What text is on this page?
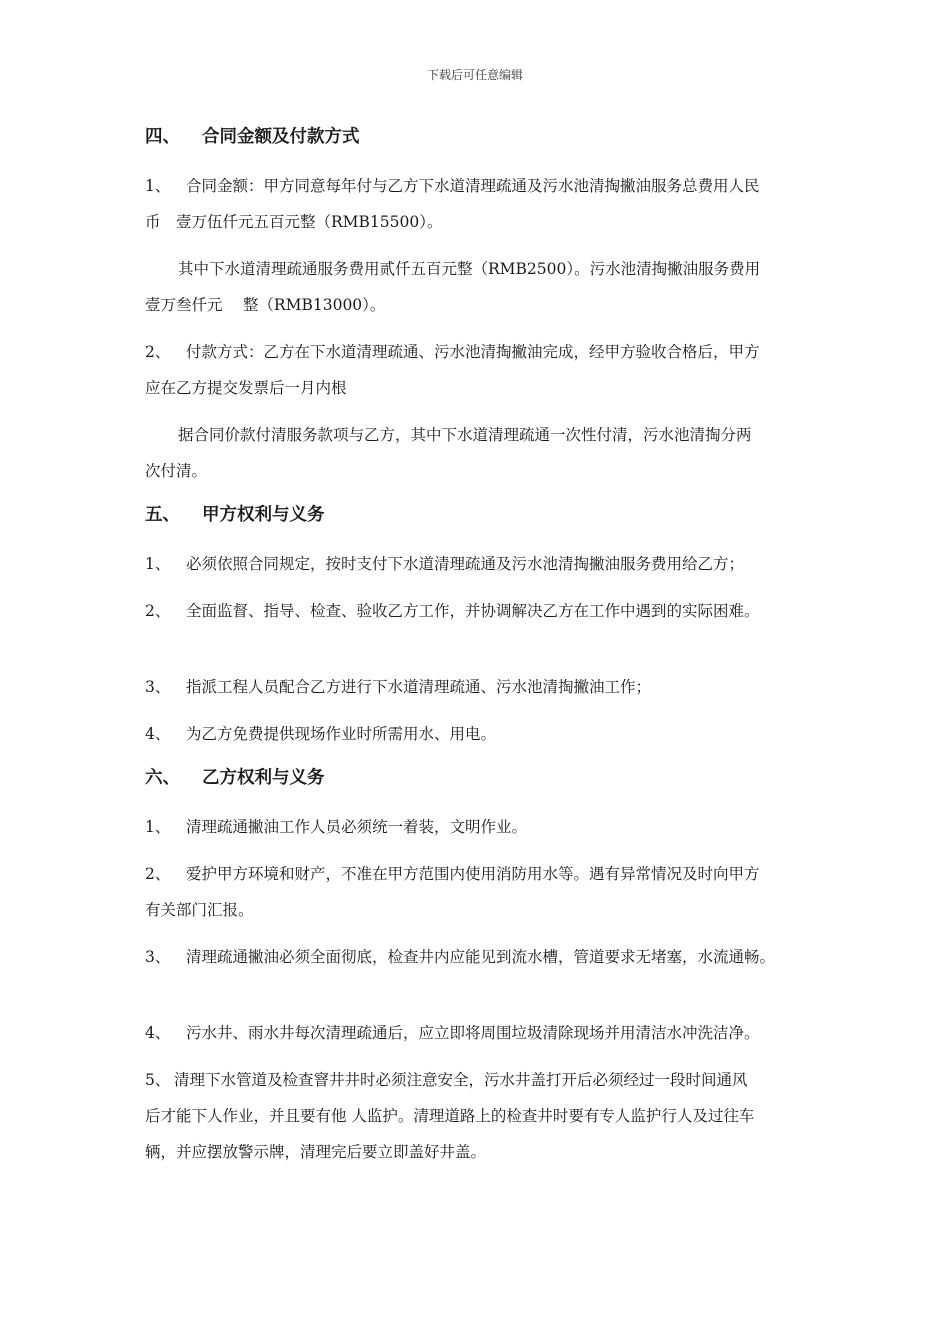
下载后可任意编辑
四、 合同金额及付款方式
1、 合同金额：甲方同意每年付与乙方下水道清理疏通及污水池清掏撇油服务总费用人民
币　壹万伍仟元五百元整（RMB15500）。
其中下水道清理疏通服务费用贰仟五百元整（RMB2500）。污水池清掏撇油服务费用
壹万叁仟元　 整（RMB13000）。
2、 付款方式：乙方在下水道清理疏通、污水池清掏撇油完成，经甲方验收合格后，甲方
应在乙方提交发票后一月内根
据合同价款付清服务款项与乙方，其中下水道清理疏通一次性付清，污水池清掏分两
次付清。
五、 甲方权利与义务
1、 必须依照合同规定，按时支付下水道清理疏通及污水池清掏撇油服务费用给乙方；
2、 全面监督、指导、检查、验收乙方工作，并协调解决乙方在工作中遇到的实际困难。
3、 指派工程人员配合乙方进行下水道清理疏通、污水池清掏撇油工作；
4、 为乙方免费提供现场作业时所需用水、用电。
六、 乙方权利与义务
1、 清理疏通撇油工作人员必须统一着装，文明作业。
2、 爱护甲方环境和财产，不准在甲方范围内使用消防用水等。遇有异常情况及时向甲方
有关部门汇报。
3、 清理疏通撇油必须全面彻底，检查井内应能见到流水槽，管道要求无堵塞，水流通畅。
4、 污水井、雨水井每次清理疏通后，应立即将周围垃圾清除现场并用清洁水冲洗洁净。
5、 清理下水管道及检查窨井井时必须注意安全，污水井盖打开后必须经过一段时间通风
后才能下人作业，并且要有他 人监护。清理道路上的检查井时要有专人监护行人及过往车
辆，并应摆放警示牌，清理完后要立即盖好井盖。
